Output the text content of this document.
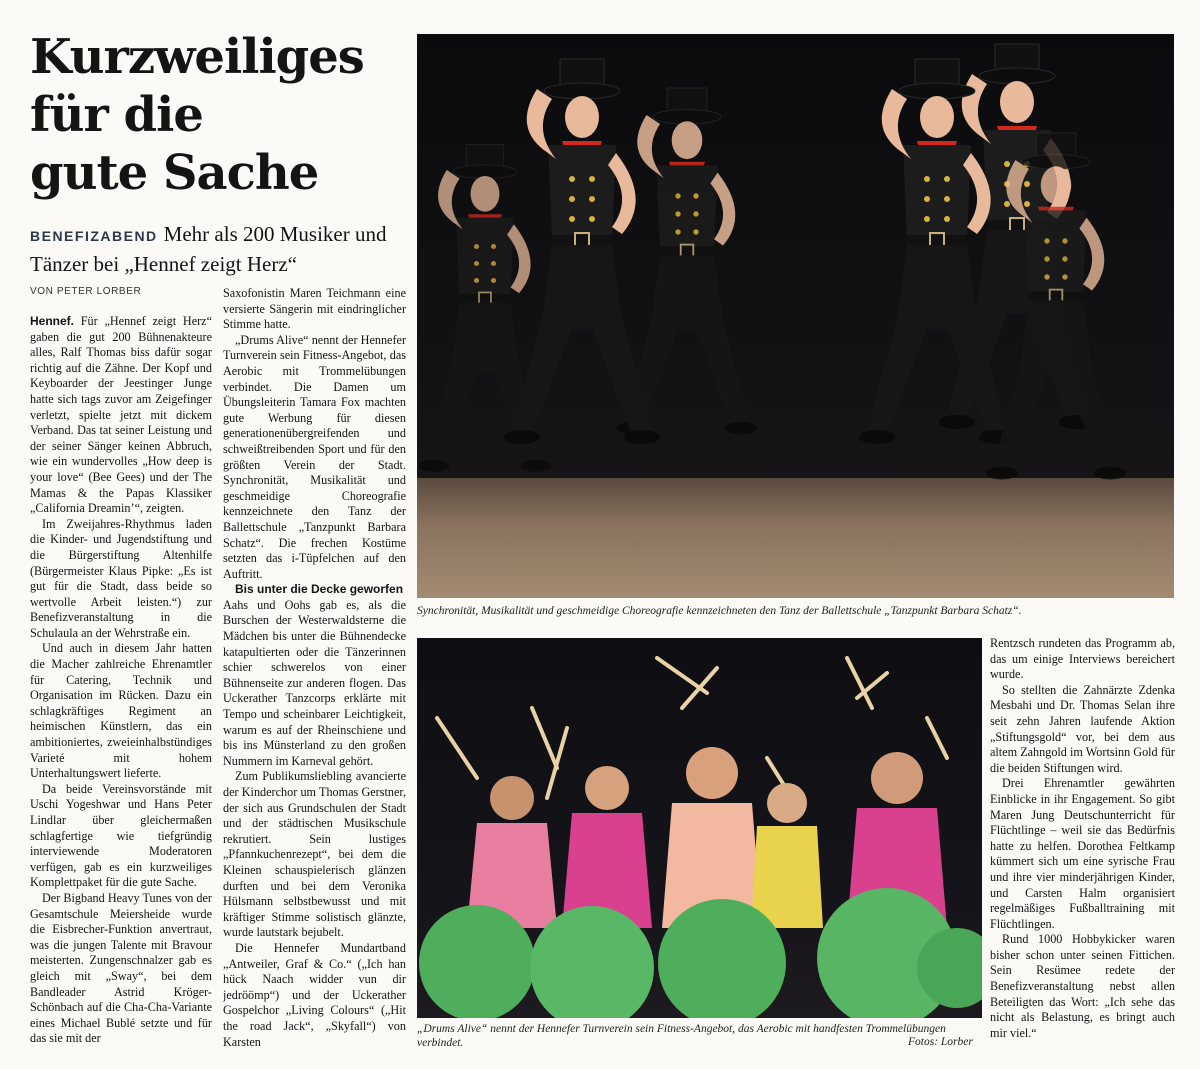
Kurzweiliges
für die
gute Sache
BENEFIZABEND Mehr als 200 Musiker und Tänzer bei „Hennef zeigt Herz“
VON PETER LORBER

Hennef. Für „Hennef zeigt Herz“ gaben die gut 200 Bühnenakteure alles, Ralf Thomas biss dafür sogar richtig auf die Zähne. Der Kopf und Keyboarder der Jeestinger Junge hatte sich tags zuvor am Zeigefinger verletzt, spielte jetzt mit dickem Verband. Das tat seiner Leistung und der seiner Sänger keinen Abbruch, wie ein wundervolles „How deep is your love“ (Bee Gees) und der The Mamas & the Papas Klassiker „California Dreamin’“, zeigten.

Im Zweijahres-Rhythmus laden die Kinder- und Jugendstiftung und die Bürgerstiftung Altenhilfe (Bürgermeister Klaus Pipke: „Es ist gut für die Stadt, dass beide so wertvolle Arbeit leisten.“) zur Benefizveranstaltung in die Schulaula an der Wehrstraße ein.

Und auch in diesem Jahr hatten die Macher zahlreiche Ehrenamtler für Catering, Technik und Organisation im Rücken. Dazu ein schlagkräftiges Regiment an heimischen Künstlern, das ein ambitioniertes, zweieinhalbstündiges Varieté mit hohem Unterhaltungswert lieferte.

Da beide Vereinsvorstände mit Uschi Yogeshwar und Hans Peter Lindlar über gleichermaßen schlagfertige wie tiefgründig interviewende Moderatoren verfügen, gab es ein kurzweiliges Komplettpaket für die gute Sache.

Der Bigband Heavy Tunes von der Gesamtschule Meiersheide wurde die Eisbrecher-Funktion anvertraut, was die jungen Talente mit Bravour meisterten. Zungenschnalzer gab es gleich mit „Sway“, bei dem Bandleader Astrid Kröger-Schönbach auf die Cha-Cha-Variante eines Michael Bublé setzte und für das sie mit der

Saxofonistin Maren Teichmann eine versierte Sängerin mit eindringlicher Stimme hatte.

„Drums Alive“ nennt der Hennefer Turnverein sein Fitness-Angebot, das Aerobic mit Trommelübungen verbindet. Die Damen um Übungsleiterin Tamara Fox machten gute Werbung für diesen generationenübergreifenden und schweißtreibenden Sport und für den größten Verein der Stadt. Synchronität, Musikalität und geschmeidige Choreografie kennzeichnete den Tanz der Ballettschule „Tanzpunkt Barbara Schatz“. Die frechen Kostüme setzten das i-Tüpfelchen auf den Auftritt.

Bis unter die Decke geworfen

Aahs und Oohs gab es, als die Burschen der Westerwaldsterne die Mädchen bis unter die Bühnendecke katapultierten oder die Tänzerinnen schier schwerelos von einer Bühnenseite zur anderen flogen. Das Uckerather Tanzcorps erklärte mit Tempo und scheinbarer Leichtigkeit, warum es auf der Rheinschiene und bis ins Münsterland zu den großen Nummern im Karneval gehört.

Zum Publikumsliebling avancierte der Kinderchor um Thomas Gerstner, der sich aus Grundschulen der Stadt und der städtischen Musikschule rekrutiert. Sein lustiges „Pfannkuchenrezept“, bei dem die Kleinen schauspielerisch glänzen durften und bei dem Veronika Hülsmann selbstbewusst und mit kräftiger Stimme solistisch glänzte, wurde lautstark bejubelt.

Die Hennefer Mundartband „Antweiler, Graf & Co.“ („Ich han hück Naach widder vun dir jedröömp“) und der Uckerather Gospelchor „Living Colours“ („Hit the road Jack“, „Skyfall“) von Karsten

Rentzsch rundeten das Programm ab, das um einige Interviews bereichert wurde.

So stellten die Zahnärzte Zdenka Mesbahi und Dr. Thomas Selan ihre seit zehn Jahren laufende Aktion „Stiftungsgold“ vor, bei dem aus altem Zahngold im Wortsinn Gold für die beiden Stiftungen wird.

Drei Ehrenamtler gewährten Einblicke in ihr Engagement. So gibt Maren Jung Deutschunterricht für Flüchtlinge – weil sie das Bedürfnis hatte zu helfen. Dorothea Feltkamp kümmert sich um eine syrische Frau und ihre vier minderjährigen Kinder, und Carsten Halm organisiert regelmäßiges Fußballtraining mit Flüchtlingen.

Rund 1000 Hobbykicker waren bisher schon unter seinen Fittichen. Sein Resümee redete der Benefizveranstaltung nebst allen Beteiligten das Wort: „Ich sehe das nicht als Belastung, es bringt auch mir viel.“

Synchronität, Musikalität und geschmeidige Choreografie kennzeichneten den Tanz der Ballettschule „Tanzpunkt Barbara Schatz“.
„Drums Alive“ nennt der Hennefer Turnverein sein Fitness-Angebot, das Aerobic mit handfesten Trommelübungen verbindet.	Fotos: Lorber
